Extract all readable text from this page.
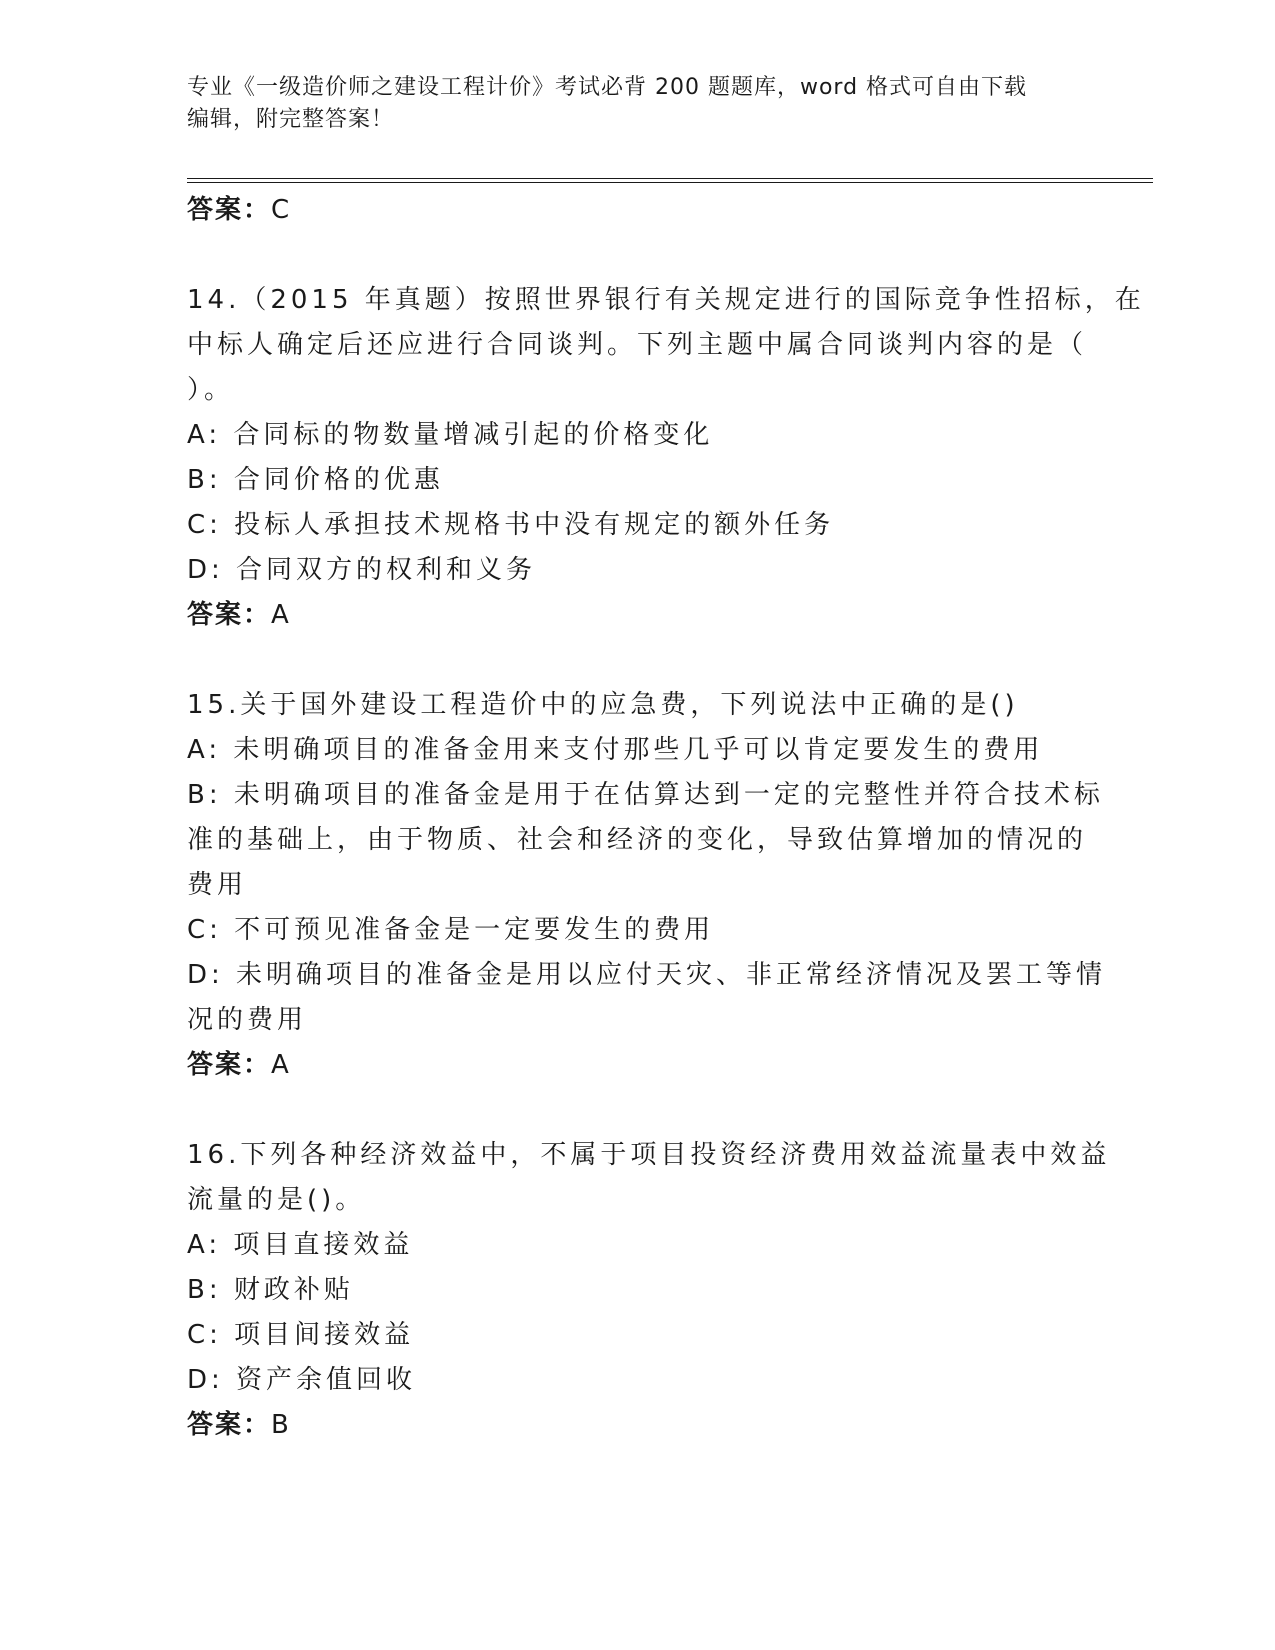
专业《一级造价师之建设工程计价》考试必背 200 题题库，word 格式可自由下载
编辑，附完整答案！
答案：C
14.（2015 年真题）按照世界银行有关规定进行的国际竞争性招标，在
中标人确定后还应进行合同谈判。下列主题中属合同谈判内容的是（
）。
A: 合同标的物数量增减引起的价格变化
B: 合同价格的优惠
C: 投标人承担技术规格书中没有规定的额外任务
D: 合同双方的权利和义务
答案：A
15.关于国外建设工程造价中的应急费，下列说法中正确的是()
A: 未明确项目的准备金用来支付那些几乎可以肯定要发生的费用
B: 未明确项目的准备金是用于在估算达到一定的完整性并符合技术标
准的基础上，由于物质、社会和经济的变化，导致估算增加的情况的
费用
C: 不可预见准备金是一定要发生的费用
D: 未明确项目的准备金是用以应付天灾、非正常经济情况及罢工等情
况的费用
答案：A
16.下列各种经济效益中，不属于项目投资经济费用效益流量表中效益
流量的是()。
A: 项目直接效益
B: 财政补贴
C: 项目间接效益
D: 资产余值回收
答案：B
